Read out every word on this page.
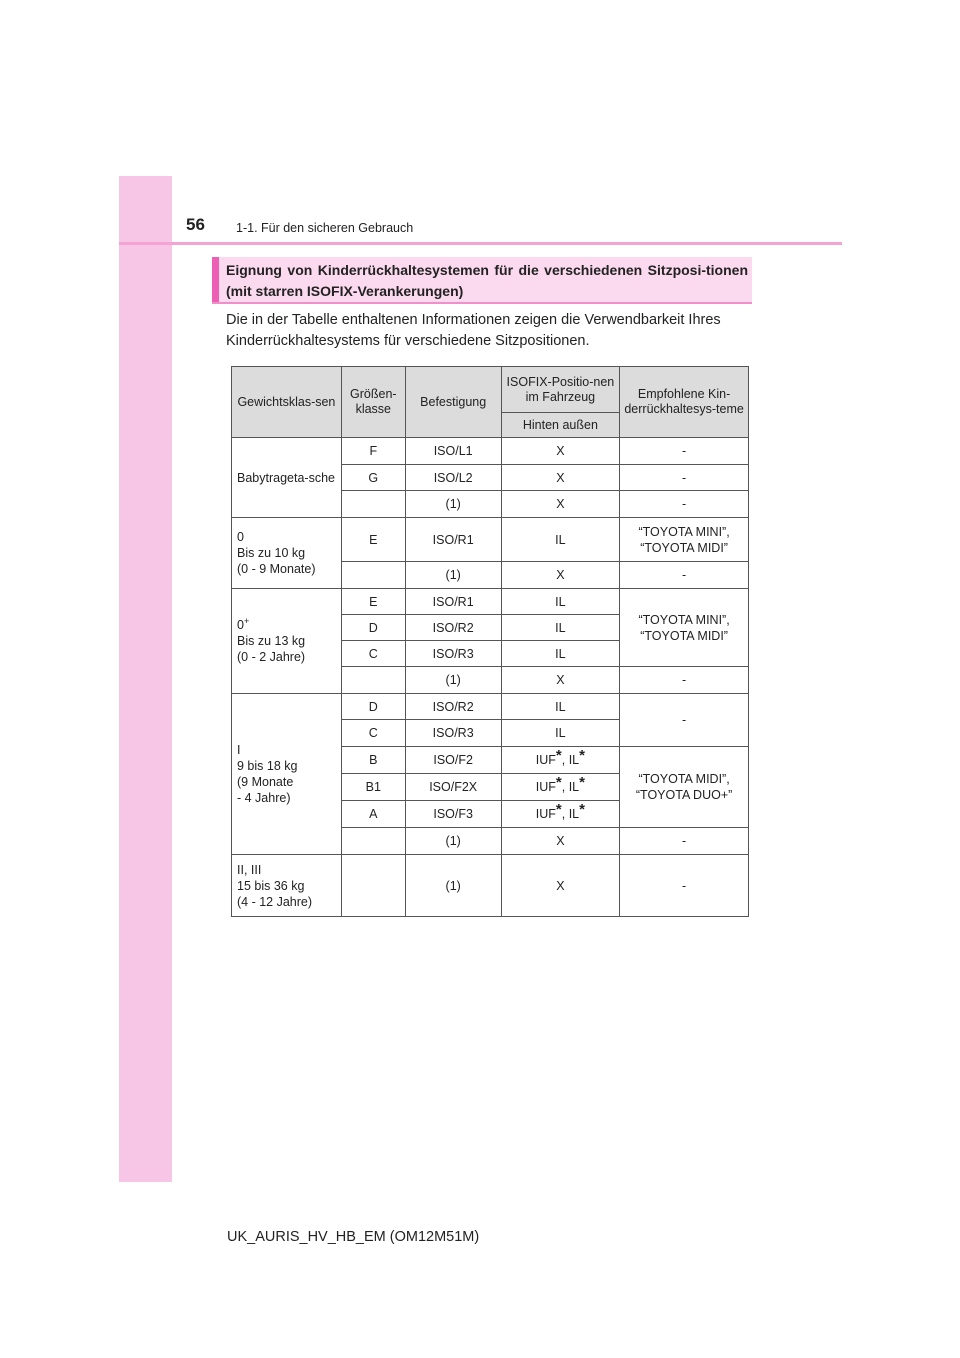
56 1-1. Für den sicheren Gebrauch
Eignung von Kinderrückhaltesystemen für die verschiedenen Sitzposi-tionen (mit starren ISOFIX-Verankerungen)
Die in der Tabelle enthaltenen Informationen zeigen die Verwendbarkeit Ihres Kinderrückhaltesystems für verschiedene Sitzpositionen.
Gewichtsklas-sen	Größen-klasse	Befestigung	ISOFIX-Positio-nen im Fahrzeug	Empfohlene Kin-derrückhaltesys-teme
			Hinten außen	
Babytrageta-sche	F	ISO/L1	X	-
	G	ISO/L2	X	-
		(1)	X	-
0
Bis zu 10 kg
(0 - 9 Monate)	E	ISO/R1	IL	“TOYOTA MINI”,
“TOYOTA MIDI”
		(1)	X	-
0+
Bis zu 13 kg
(0 - 2 Jahre)	E	ISO/R1	IL	“TOYOTA MINI”,
“TOYOTA MIDI”
	D	ISO/R2	IL	
	C	ISO/R3	IL	
		(1)	X	-
I
9 bis 18 kg
(9 Monate
- 4 Jahre)	D	ISO/R2	IL	-
	C	ISO/R3	IL	
	B	ISO/F2	IUF*, IL*	“TOYOTA MIDI”,
“TOYOTA DUO+”
	B1	ISO/F2X	IUF*, IL*
	A	ISO/F3	IUF*, IL*
		(1)	X	-
II, III
15 bis 36 kg
(4 - 12 Jahre)		(1)	X	-
UK_AURIS_HV_HB_EM (OM12M51M)
